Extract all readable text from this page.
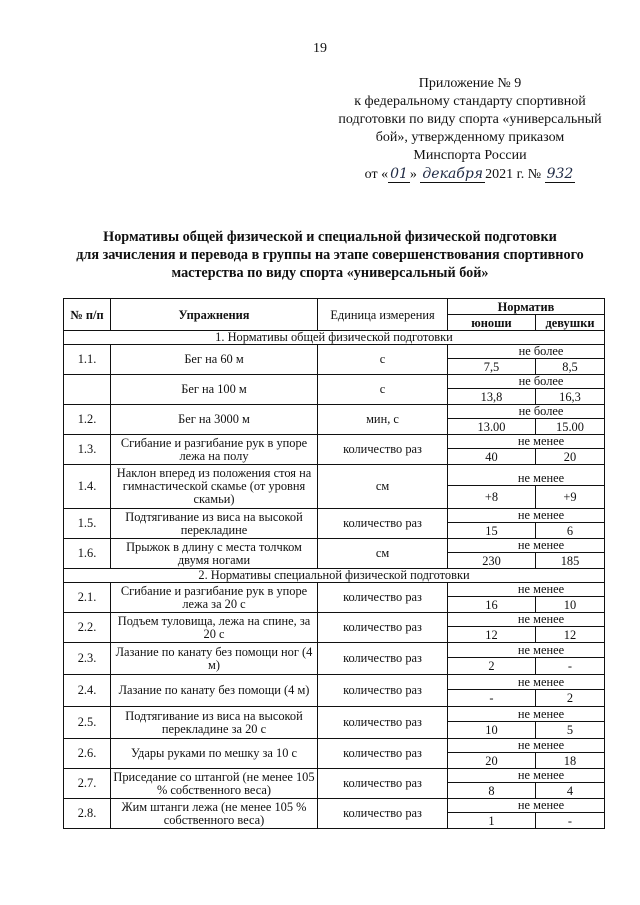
19
Приложение № 9
к федеральному стандарту спортивной
подготовки по виду спорта «универсальный
бой», утвержденному приказом
Минспорта России
от « 01 » декабря 2021 г. № 932
Нормативы общей физической и специальной физической подготовки
для зачисления и перевода в группы на этапе совершенствования спортивного
мастерства по виду спорта «универсальный бой»
№ п/п	Упражнения	Единица измерения	Норматив	
			юноши	девушки
1. Нормативы общей физической подготовки				
1.1.	Бег на 60 м	с	не более	
			7,5	8,5
	Бег на 100 м	с	не более	
			13,8	16,3
1.2.	Бег на 3000 м	мин, с	не более	
			13.00	15.00
1.3.	Сгибание и разгибание рук в упоре лежа на полу	количество раз	не менее	
			40	20
1.4.	Наклон вперед из положения стоя на гимнастической скамье (от уровня скамьи)	см	не менее	
			+8	+9
1.5.	Подтягивание из виса на высокой перекладине	количество раз	не менее	
			15	6
1.6.	Прыжок в длину с места толчком двумя ногами	см	не менее	
			230	185
2. Нормативы специальной физической подготовки				
2.1.	Сгибание и разгибание рук в упоре лежа за 20 с	количество раз	не менее	
			16	10
2.2.	Подъем туловища, лежа на спине, за 20 с	количество раз	не менее	
			12	12
2.3.	Лазание по канату без помощи ног (4 м)	количество раз	не менее	
			2	-
2.4.	Лазание по канату без помощи (4 м)	количество раз	не менее	
			-	2
2.5.	Подтягивание из виса на высокой перекладине за 20 с	количество раз	не менее	
			10	5
2.6.	Удары руками по мешку за 10 с	количество раз	не менее	
			20	18
2.7.	Приседание со штангой (не менее 105 % собственного веса)	количество раз	не менее	
			8	4
2.8.	Жим штанги лежа (не менее 105 % собственного веса)	количество раз	не менее	
			1	-
